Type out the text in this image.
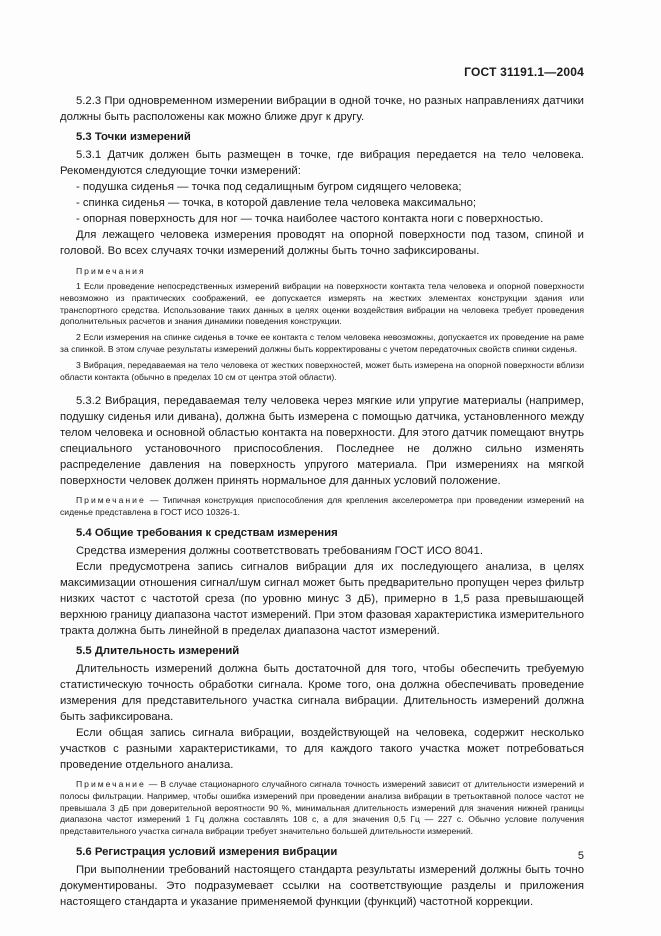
ГОСТ 31191.1—2004

5.2.3 При одновременном измерении вибрации в одной точке, но разных направлениях датчики должны быть расположены как можно ближе друг к другу.

5.3 Точки измерений

5.3.1 Датчик должен быть размещен в точке, где вибрация передается на тело человека. Рекомендуются следующие точки измерений:

- подушка сиденья — точка под седалищным бугром сидящего человека;
- спинка сиденья — точка, в которой давление тела человека максимально;
- опорная поверхность для ног — точка наиболее частого контакта ноги с поверхностью.

Для лежащего человека измерения проводят на опорной поверхности под тазом, спиной и головой. Во всех случаях точки измерений должны быть точно зафиксированы.

Примечания

1 Если проведение непосредственных измерений вибрации на поверхности контакта тела человека и опорной поверхности невозможно из практических соображений, ее допускается измерять на жестких элементах конструкции здания или транспортного средства. Использование таких данных в целях оценки воздействия вибрации на человека требует проведения дополнительных расчетов и знания динамики поведения конструкции.

2 Если измерения на спинке сиденья в точке ее контакта с телом человека невозможны, допускается их проведение на раме за спинкой. В этом случае результаты измерений должны быть корректированы с учетом передаточных свойств спинки сиденья.

3 Вибрация, передаваемая на тело человека от жестких поверхностей, может быть измерена на опорной поверхности вблизи области контакта (обычно в пределах 10 см от центра этой области).

5.3.2 Вибрация, передаваемая телу человека через мягкие или упругие материалы (например, подушку сиденья или дивана), должна быть измерена с помощью датчика, установленного между телом человека и основной областью контакта на поверхности. Для этого датчик помещают внутрь специального установочного приспособления. Последнее не должно сильно изменять распределение давления на поверхность упругого материала. При измерениях на мягкой поверхности человек должен принять нормальное для данных условий положение.

Примечание — Типичная конструкция приспособления для крепления акселерометра при проведении измерений на сиденье представлена в ГОСТ ИСО 10326-1.

5.4 Общие требования к средствам измерения

Средства измерения должны соответствовать требованиям ГОСТ ИСО 8041.

Если предусмотрена запись сигналов вибрации для их последующего анализа, в целях максимизации отношения сигнал/шум сигнал может быть предварительно пропущен через фильтр низких частот с частотой среза (по уровню минус 3 дБ), примерно в 1,5 раза превышающей верхнюю границу диапазона частот измерений. При этом фазовая характеристика измерительного тракта должна быть линейной в пределах диапазона частот измерений.

5.5 Длительность измерений

Длительность измерений должна быть достаточной для того, чтобы обеспечить требуемую статистическую точность обработки сигнала. Кроме того, она должна обеспечивать проведение измерения для представительного участка сигнала вибрации. Длительность измерений должна быть зафиксирована.

Если общая запись сигнала вибрации, воздействующей на человека, содержит несколько участков с разными характеристиками, то для каждого такого участка может потребоваться проведение отдельного анализа.

Примечание — В случае стационарного случайного сигнала точность измерений зависит от длительности измерений и полосы фильтрации. Например, чтобы ошибка измерений при проведении анализа вибрации в третьоктавной полосе частот не превышала 3 дБ при доверительной вероятности 90 %, минимальная длительность измерений для значения нижней границы диапазона частот измерений 1 Гц должна составлять 108 с, а для значения 0,5 Гц — 227 с. Обычно условие получения представительного участка сигнала вибрации требует значительно большей длительности измерений.

5.6 Регистрация условий измерения вибрации

При выполнении требований настоящего стандарта результаты измерений должны быть точно документированы. Это подразумевает ссылки на соответствующие разделы и приложения настоящего стандарта и указание применяемой функции (функций) частотной коррекции.

5
